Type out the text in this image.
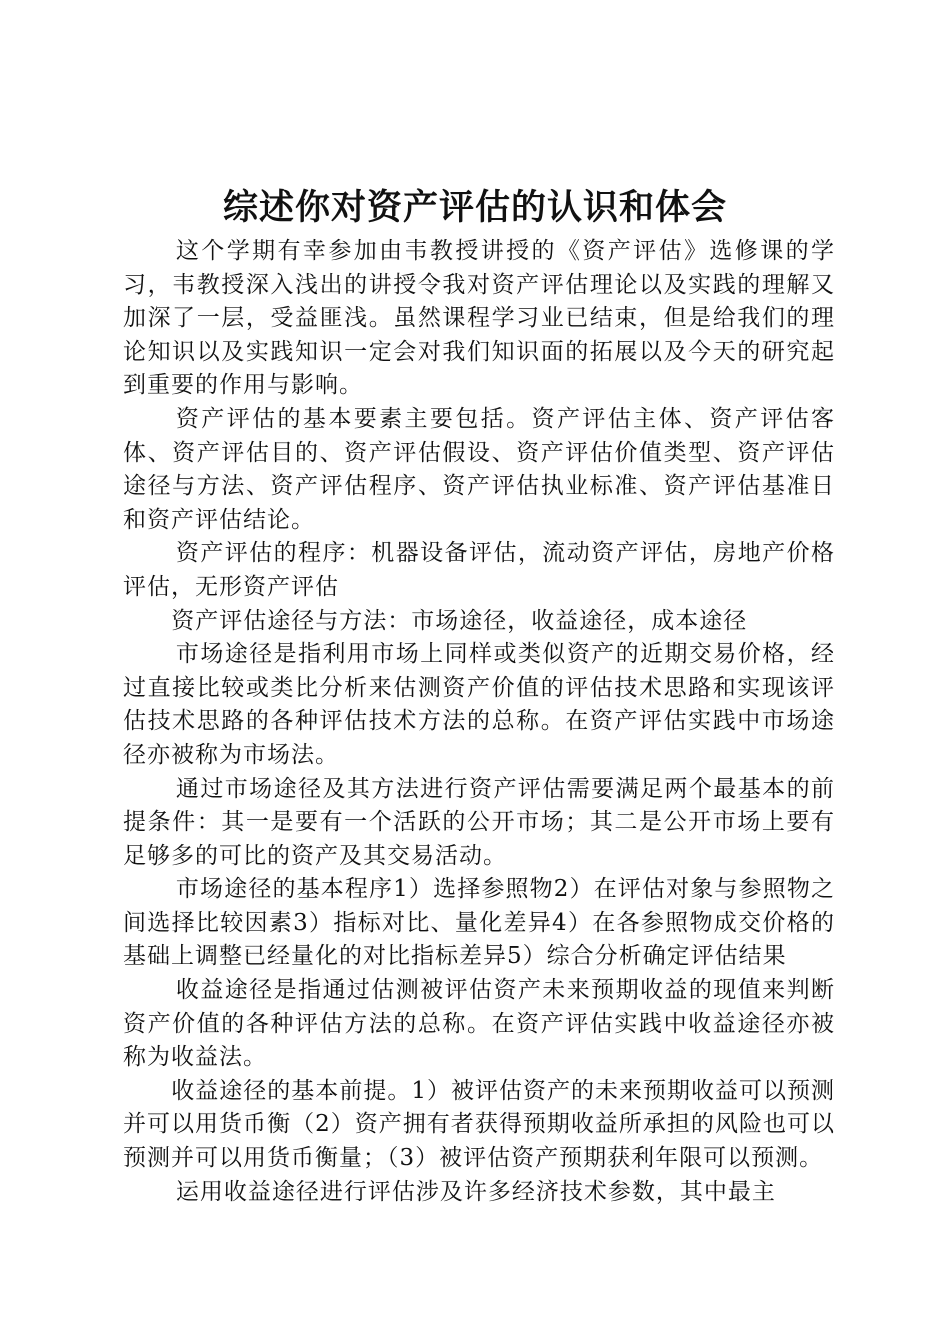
综述你对资产评估的认识和体会

这个学期有幸参加由韦教授讲授的《资产评估》选修课的学习，韦教授深入浅出的讲授令我对资产评估理论以及实践的理解又加深了一层，受益匪浅。虽然课程学习业已结束，但是给我们的理论知识以及实践知识一定会对我们知识面的拓展以及今天的研究起到重要的作用与影响。

资产评估的基本要素主要包括。资产评估主体、资产评估客体、资产评估目的、资产评估假设、资产评估价值类型、资产评估途径与方法、资产评估程序、资产评估执业标准、资产评估基准日和资产评估结论。

资产评估的程序：机器设备评估，流动资产评估，房地产价格评估，无形资产评估

资产评估途径与方法：市场途径，收益途径，成本途径

市场途径是指利用市场上同样或类似资产的近期交易价格，经过直接比较或类比分析来估测资产价值的评估技术思路和实现该评估技术思路的各种评估技术方法的总称。在资产评估实践中市场途径亦被称为市场法。

通过市场途径及其方法进行资产评估需要满足两个最基本的前提条件：其一是要有一个活跃的公开市场；其二是公开市场上要有足够多的可比的资产及其交易活动。

市场途径的基本程序1）选择参照物2）在评估对象与参照物之间选择比较因素3）指标对比、量化差异4）在各参照物成交价格的基础上调整已经量化的对比指标差异5）综合分析确定评估结果

收益途径是指通过估测被评估资产未来预期收益的现值来判断资产价值的各种评估方法的总称。在资产评估实践中收益途径亦被称为收益法。

收益途径的基本前提。1）被评估资产的未来预期收益可以预测并可以用货币衡（2）资产拥有者获得预期收益所承担的风险也可以预测并可以用货币衡量；（3）被评估资产预期获利年限可以预测。

运用收益途径进行评估涉及许多经济技术参数，其中最主
